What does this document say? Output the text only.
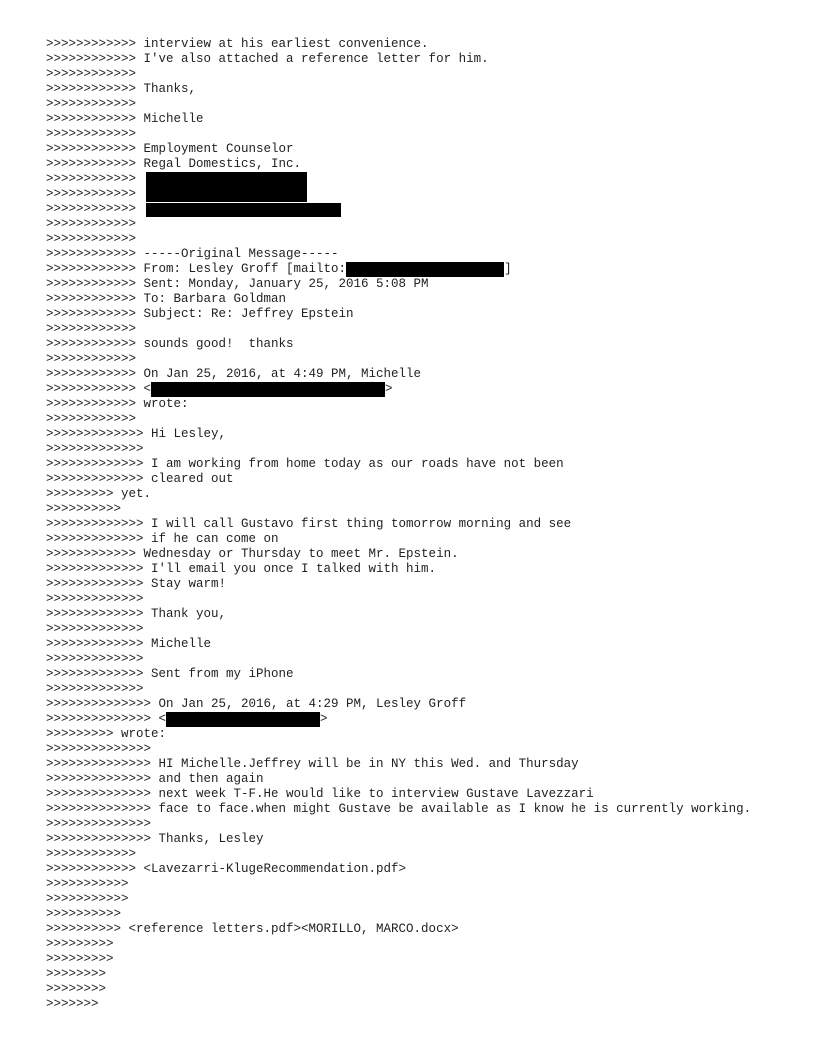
>>>>>>>>>>>> interview at his earliest convenience.
>>>>>>>>>>>> I've also attached a reference letter for him.
>>>>>>>>>>>>
>>>>>>>>>>>> Thanks,
>>>>>>>>>>>>
>>>>>>>>>>>> Michelle
>>>>>>>>>>>>
>>>>>>>>>>>> Employment Counselor
>>>>>>>>>>>> Regal Domestics, Inc.
>>>>>>>>>>>>
>>>>>>>>>>>>
>>>>>>>>>>>>
>>>>>>>>>>>>
>>>>>>>>>>>>
>>>>>>>>>>>> -----Original Message-----
>>>>>>>>>>>> From: Lesley Groff [mailto:	]
>>>>>>>>>>>> Sent: Monday, January 25, 2016 5:08 PM
>>>>>>>>>>>> To: Barbara Goldman
>>>>>>>>>>>> Subject: Re: Jeffrey Epstein
>>>>>>>>>>>>
>>>>>>>>>>>> sounds good!  thanks
>>>>>>>>>>>>
>>>>>>>>>>>> On Jan 25, 2016, at 4:49 PM, Michelle
>>>>>>>>>>>> <	>
>>>>>>>>>>>> wrote:
>>>>>>>>>>>>
>>>>>>>>>>>>> Hi Lesley,
>>>>>>>>>>>>>
>>>>>>>>>>>>> I am working from home today as our roads have not been
>>>>>>>>>>>>> cleared out
>>>>>>>>> yet.
>>>>>>>>>>
>>>>>>>>>>>>> I will call Gustavo first thing tomorrow morning and see
>>>>>>>>>>>>> if he can come on
>>>>>>>>>>>> Wednesday or Thursday to meet Mr. Epstein.
>>>>>>>>>>>>> I'll email you once I talked with him.
>>>>>>>>>>>>> Stay warm!
>>>>>>>>>>>>>
>>>>>>>>>>>>> Thank you,
>>>>>>>>>>>>>
>>>>>>>>>>>>> Michelle
>>>>>>>>>>>>>
>>>>>>>>>>>>> Sent from my iPhone
>>>>>>>>>>>>>
>>>>>>>>>>>>>> On Jan 25, 2016, at 4:29 PM, Lesley Groff
>>>>>>>>>>>>>> <	>
>>>>>>>>> wrote:
>>>>>>>>>>>>>>
>>>>>>>>>>>>>> HI Michelle.Jeffrey will be in NY this Wed. and Thursday
>>>>>>>>>>>>>> and then again
>>>>>>>>>>>>>> next week T-F.He would like to interview Gustave Lavezzari
>>>>>>>>>>>>>> face to face.when might Gustave be available as I know he is currently working.
>>>>>>>>>>>>>>
>>>>>>>>>>>>>> Thanks, Lesley
>>>>>>>>>>>>
>>>>>>>>>>>> <Lavezarri-KlugeRecommendation.pdf>
>>>>>>>>>>>
>>>>>>>>>>>
>>>>>>>>>>
>>>>>>>>>> <reference letters.pdf><MORILLO, MARCO.docx>
>>>>>>>>>
>>>>>>>>>
>>>>>>>>
>>>>>>>>
>>>>>>>
